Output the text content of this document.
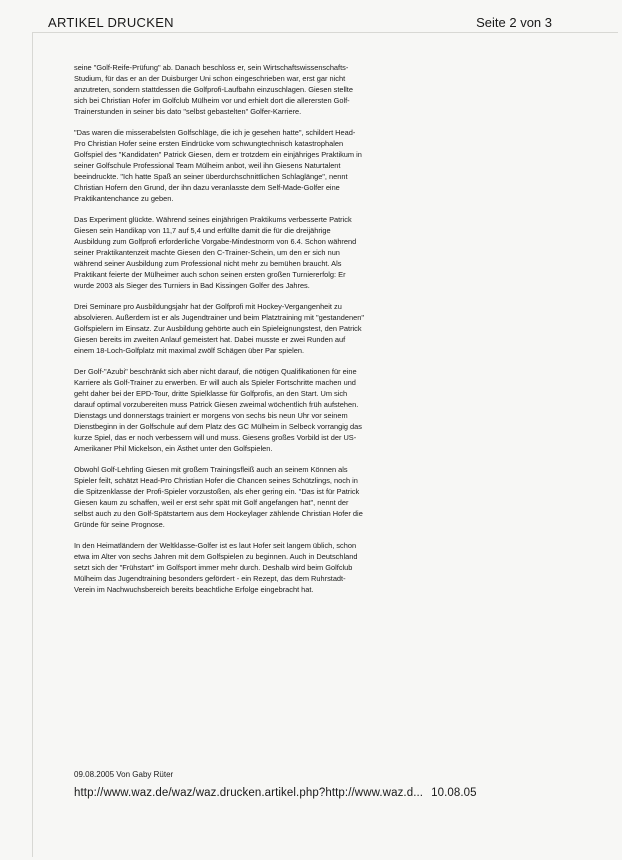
ARTIKEL DRUCKEN	Seite 2 von 3

seine "Golf-Reife-Prüfung" ab. Danach beschloss er, sein Wirtschaftswissenschafts-Studium, für das er an der Duisburger Uni schon eingeschrieben war, erst gar nicht anzutreten, sondern stattdessen die Golfprofi-Laufbahn einzuschlagen. Giesen stellte sich bei Christian Hofer im Golfclub Mülheim vor und erhielt dort die allerersten Golf-Trainerstunden in seiner bis dato "selbst gebastelten" Golfer-Karriere.

"Das waren die misserabelsten Golfschläge, die ich je gesehen hatte", schildert Head-Pro Christian Hofer seine ersten Eindrücke vom schwungtechnisch katastrophalen Golfspiel des "Kandidaten" Patrick Giesen, dem er trotzdem ein einjähriges Praktikum in seiner Golfschule Professional Team Mülheim anbot, weil ihn Giesens Naturtalent beeindruckte. "Ich hatte Spaß an seiner überdurchschnittlichen Schlaglänge", nennt Christian Hofern den Grund, der ihn dazu veranlasste dem Self-Made-Golfer eine Praktikantenchance zu geben.

Das Experiment glückte. Während seines einjährigen Praktikums verbesserte Patrick Giesen sein Handikap von 11,7 auf 5,4 und erfüllte damit die für die dreijährige Ausbildung zum Golfprofi erforderliche Vorgabe-Mindestnorm von 6.4. Schon während seiner Praktikantenzeit machte Giesen den C-Trainer-Schein, um den er sich nun während seiner Ausbildung zum Professional nicht mehr zu bemühen braucht. Als Praktikant feierte der Mülheimer auch schon seinen ersten großen Turniererfolg: Er wurde 2003 als Sieger des Turniers in Bad Kissingen Golfer des Jahres.

Drei Seminare pro Ausbildungsjahr hat der Golfprofi mit Hockey-Vergangenheit zu absolvieren. Außerdem ist er als Jugendtrainer und beim Platztraining mit "gestandenen" Golfspielern im Einsatz. Zur Ausbildung gehörte auch ein Spieleignungstest, den Patrick Giesen bereits im zweiten Anlauf gemeistert hat. Dabei musste er zwei Runden auf einem 18-Loch-Golfplatz mit maximal zwölf Schägen über Par spielen.

Der Golf-"Azubi" beschränkt sich aber nicht darauf, die nötigen Qualifikationen für eine Karriere als Golf-Trainer zu erwerben. Er will auch als Spieler Fortschritte machen und geht daher bei der EPD-Tour, dritte Spielklasse für Golfprofis, an den Start. Um sich darauf optimal vorzubereiten muss Patrick Giesen zweimal wöchentlich früh aufstehen. Dienstags und donnerstags trainiert er morgens von sechs bis neun Uhr vor seinem Dienstbeginn in der Golfschule auf dem Platz des GC Mülheim in Selbeck vorrangig das kurze Spiel, das er noch verbessern will und muss. Giesens großes Vorbild ist der US-Amerikaner Phil Mickelson, ein Ästhet unter den Golfspielen.

Obwohl Golf-Lehrling Giesen mit großem Trainingsfleiß auch an seinem Können als Spieler feilt, schätzt Head-Pro Christian Hofer die Chancen seines Schützlings, noch in die Spitzenklasse der Profi-Spieler vorzustoßen, als eher gering ein. "Das ist für Patrick Giesen kaum zu schaffen, weil er erst sehr spät mit Golf angefangen hat", nennt der selbst auch zu den Golf-Spätstartern aus dem Hockeylager zählende Christian Hofer die Gründe für seine Prognose.

In den Heimatländern der Weltklasse-Golfer ist es laut Hofer seit langem üblich, schon etwa im Alter von sechs Jahren mit dem Golfspielen zu beginnen. Auch in Deutschland setzt sich der "Frühstart" im Golfsport immer mehr durch. Deshalb wird beim Golfclub Mülheim das Jugendtraining besonders gefördert - ein Rezept, das dem Ruhrstadt-Verein im Nachwuchsbereich bereits beachtliche Erfolge eingebracht hat.

09.08.2005 Von Gaby Rüter
http://www.waz.de/waz/waz.drucken.artikel.php?http://www.waz.d... 10.08.05
